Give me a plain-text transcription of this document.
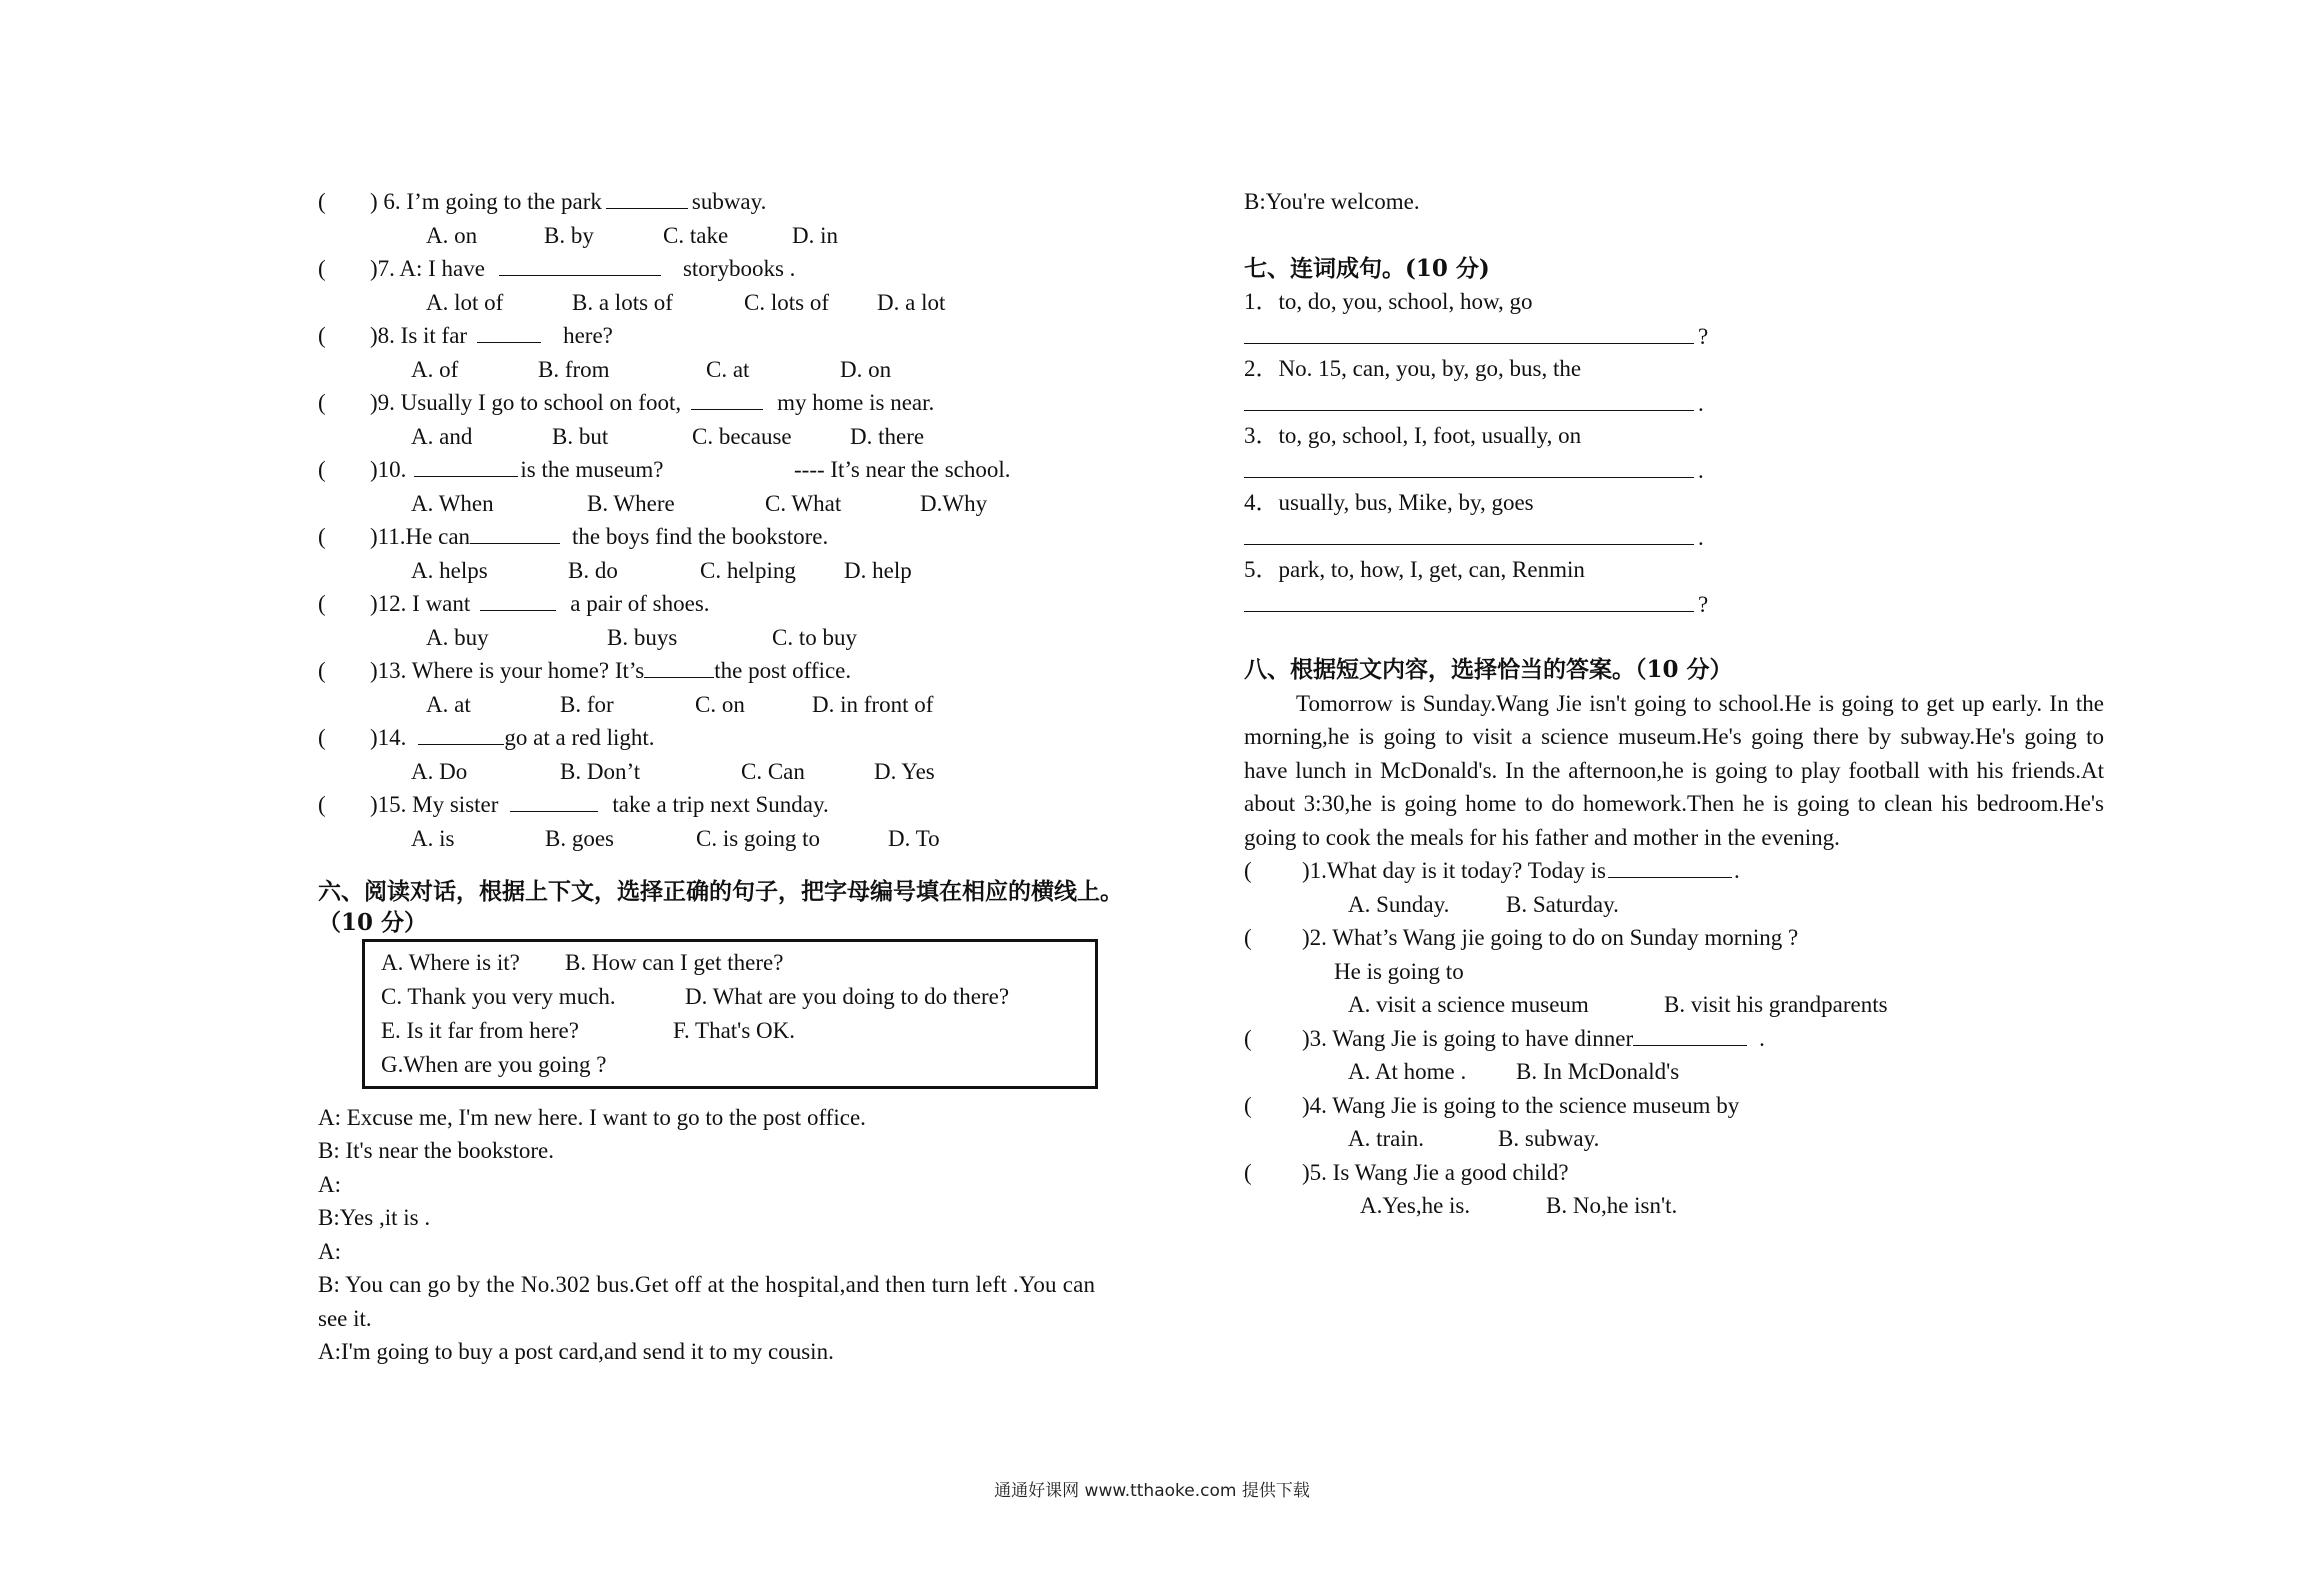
( ) 6. I’m going to the park	subway.
A. on	B. by	C. take	D. in
( )7. A: I have	storybooks .
A. lot of	B. a lots of	C. lots of D. a lot
( )8. Is it far	here?
A. of	B. from	C. at	D. on
( )9. Usually I go to school on foot,	my home is near.
A. and	B. but	C. because	D. there
( )10.	is the museum?	---- It’s near the school.
A. When	B. Where	C. What	D.Why
( )11.He can	the boys find the bookstore.
A. helps	B. do	C. helping D. help
( )12. I want	a pair of shoes.
A. buy	B. buys	C. to buy
( )13. Where is your home? It’s	the post office.
A. at	B. for	C. on	D. in front of
( )14.	go at a red light.
A. Do	B. Don’t	C. Can	D. Yes
( )15. My sister	take a trip next Sunday.
A. is	B. goes	C. is going to	D. To
六、阅读对话，根据上下文，选择正确的句子，把字母编号填在相应的横线上。
（10 分）
A. Where is it? B. How can I get there?
C. Thank you very much.	D. What are you doing to do there?
E. Is it far from here?	F. That's OK.
G.When are you going ?
A: Excuse me, I'm new here. I want to go to the post office.
B: It's near the bookstore.
A:
B:Yes ,it is .
A:
B: You can go by the No.302 bus.Get off at the hospital,and then turn left .You can
see it.
A:I'm going to buy a post card,and send it to my cousin.
B:You're welcome.
七、连词成句。(10 分)
1．to, do, you, school, how, go
?
2．No. 15, can, you, by, go, bus, the
.
3．to, go, school, I, foot, usually, on
.
4．usually, bus, Mike, by, goes
.
5．park, to, how, I, get, can, Renmin
?
八、根据短文内容，选择恰当的答案。（10 分）
Tomorrow is Sunday.Wang Jie isn't going to school.He is going to get up early. In the morning,he is going to visit a science museum.He's going there by subway.He's going to have lunch in McDonald's. In the afternoon,he is going to play football with his friends.At about 3:30,he is going home to do homework.Then he is going to clean his bedroom.He's going to cook the meals for his father and mother in the evening.
( )1.What day is it today? Today is	.
A. Sunday. B. Saturday.
( )2. What’s Wang jie going to do on Sunday morning ?
He is going to
A. visit a science museum	B. visit his grandparents
( )3. Wang Jie is going to have dinner	.
A. At home . B. In McDonald's
( )4. Wang Jie is going to the science museum by
A. train.	B. subway.
( )5. Is Wang Jie a good child?
A.Yes,he is.	B. No,he isn't.
通通好课网 www.tthaoke.com 提供下载
